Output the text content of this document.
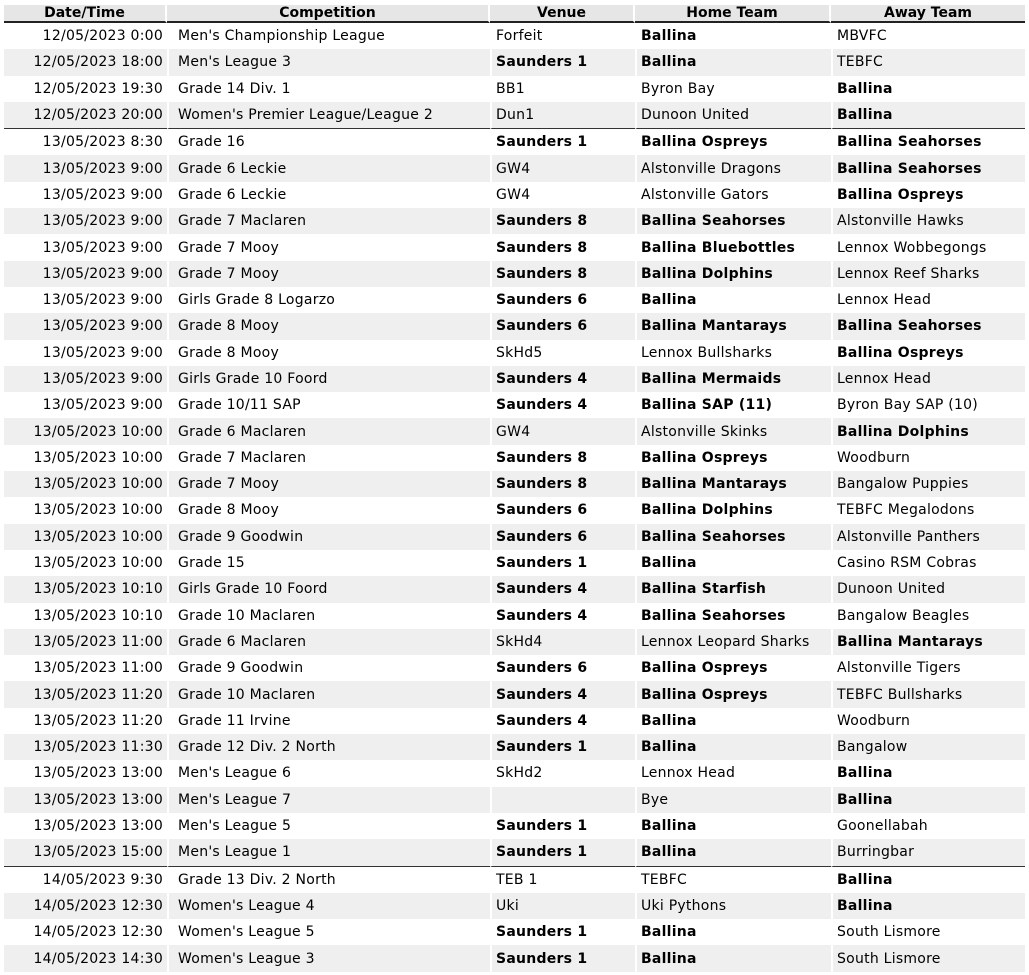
Date/Time	Competition	Venue	Home Team	Away Team
12/05/2023 0:00	Men's Championship League	Forfeit	Ballina	MBVFC
12/05/2023 18:00	Men's League 3	Saunders 1	Ballina	TEBFC
12/05/2023 19:30	Grade 14 Div. 1	BB1	Byron Bay	Ballina
12/05/2023 20:00	Women's Premier League/League 2	Dun1	Dunoon United	Ballina
13/05/2023 8:30	Grade 16	Saunders 1	Ballina Ospreys	Ballina Seahorses
13/05/2023 9:00	Grade 6 Leckie	GW4	Alstonville Dragons	Ballina Seahorses
13/05/2023 9:00	Grade 6 Leckie	GW4	Alstonville Gators	Ballina Ospreys
13/05/2023 9:00	Grade 7 Maclaren	Saunders 8	Ballina Seahorses	Alstonville Hawks
13/05/2023 9:00	Grade 7 Mooy	Saunders 8	Ballina Bluebottles	Lennox Wobbegongs
13/05/2023 9:00	Grade 7 Mooy	Saunders 8	Ballina Dolphins	Lennox Reef Sharks
13/05/2023 9:00	Girls Grade 8 Logarzo	Saunders 6	Ballina	Lennox Head
13/05/2023 9:00	Grade 8 Mooy	Saunders 6	Ballina Mantarays	Ballina Seahorses
13/05/2023 9:00	Grade 8 Mooy	SkHd5	Lennox Bullsharks	Ballina Ospreys
13/05/2023 9:00	Girls Grade 10 Foord	Saunders 4	Ballina Mermaids	Lennox Head
13/05/2023 9:00	Grade 10/11 SAP	Saunders 4	Ballina SAP (11)	Byron Bay SAP (10)
13/05/2023 10:00	Grade 6 Maclaren	GW4	Alstonville Skinks	Ballina Dolphins
13/05/2023 10:00	Grade 7 Maclaren	Saunders 8	Ballina Ospreys	Woodburn
13/05/2023 10:00	Grade 7 Mooy	Saunders 8	Ballina Mantarays	Bangalow Puppies
13/05/2023 10:00	Grade 8 Mooy	Saunders 6	Ballina Dolphins	TEBFC Megalodons
13/05/2023 10:00	Grade 9 Goodwin	Saunders 6	Ballina Seahorses	Alstonville Panthers
13/05/2023 10:00	Grade 15	Saunders 1	Ballina	Casino RSM Cobras
13/05/2023 10:10	Girls Grade 10 Foord	Saunders 4	Ballina Starfish	Dunoon United
13/05/2023 10:10	Grade 10 Maclaren	Saunders 4	Ballina Seahorses	Bangalow Beagles
13/05/2023 11:00	Grade 6 Maclaren	SkHd4	Lennox Leopard Sharks	Ballina Mantarays
13/05/2023 11:00	Grade 9 Goodwin	Saunders 6	Ballina Ospreys	Alstonville Tigers
13/05/2023 11:20	Grade 10 Maclaren	Saunders 4	Ballina Ospreys	TEBFC Bullsharks
13/05/2023 11:20	Grade 11 Irvine	Saunders 4	Ballina	Woodburn
13/05/2023 11:30	Grade 12 Div. 2 North	Saunders 1	Ballina	Bangalow
13/05/2023 13:00	Men's League 6	SkHd2	Lennox Head	Ballina
13/05/2023 13:00	Men's League 7		Bye	Ballina
13/05/2023 13:00	Men's League 5	Saunders 1	Ballina	Goonellabah
13/05/2023 15:00	Men's League 1	Saunders 1	Ballina	Burringbar
14/05/2023 9:30	Grade 13 Div. 2 North	TEB 1	TEBFC	Ballina
14/05/2023 12:30	Women's League 4	Uki	Uki Pythons	Ballina
14/05/2023 12:30	Women's League 5	Saunders 1	Ballina	South Lismore
14/05/2023 14:30	Women's League 3	Saunders 1	Ballina	South Lismore
